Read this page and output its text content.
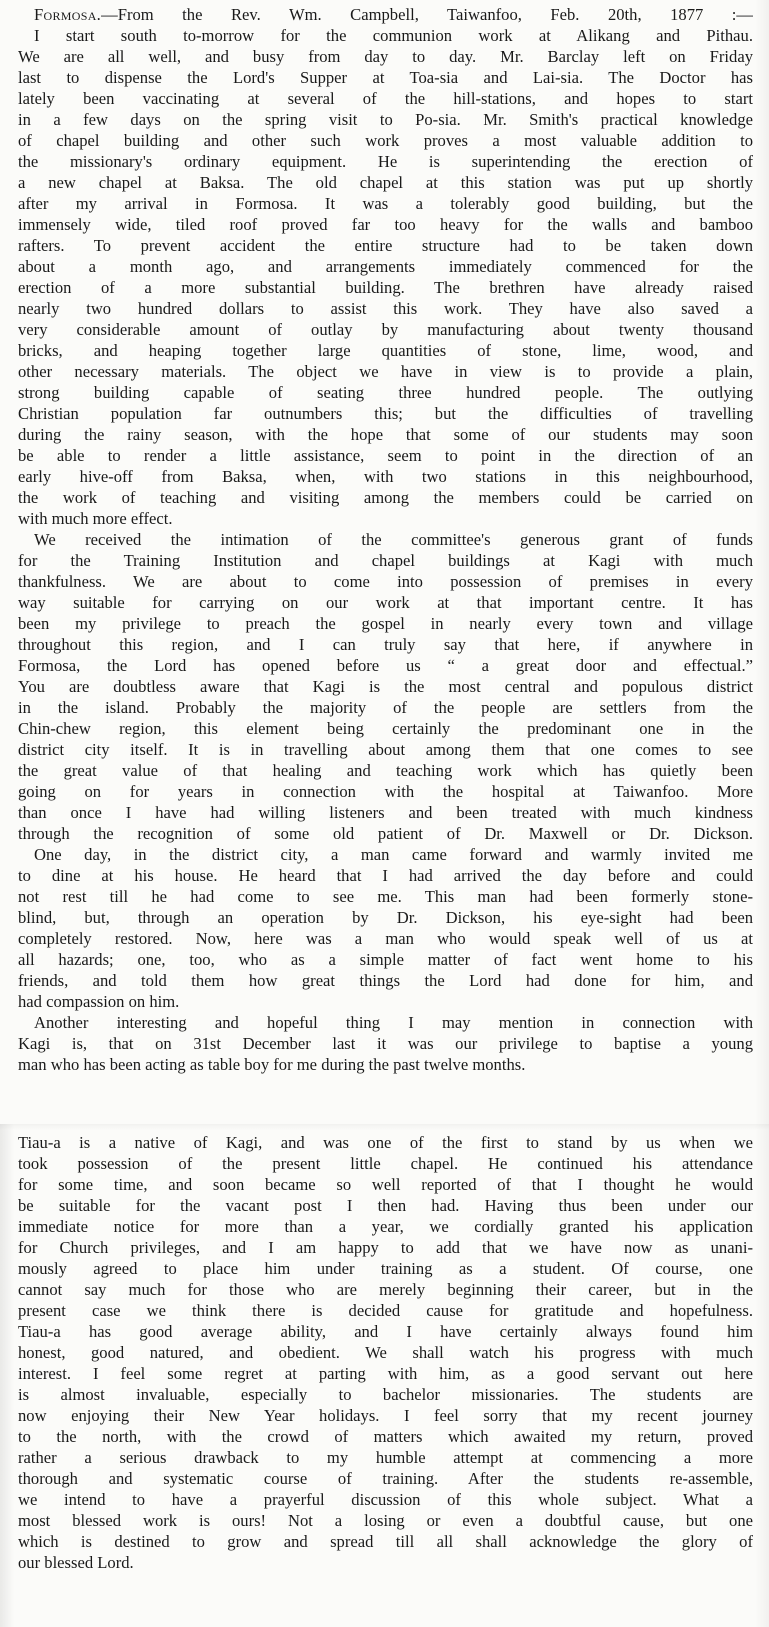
Formosa.—From the Rev. Wm. Campbell, Taiwanfoo, Feb. 20th, 1877 :—
I start south to-morrow for the communion work at Alikang and Pithau.
We are all well, and busy from day to day. Mr. Barclay left on Friday
last to dispense the Lord's Supper at Toa-sia and Lai-sia. The Doctor has
lately been vaccinating at several of the hill-stations, and hopes to start
in a few days on the spring visit to Po-sia. Mr. Smith's practical knowledge
of chapel building and other such work proves a most valuable addition to
the missionary's ordinary equipment. He is superintending the erection of
a new chapel at Baksa. The old chapel at this station was put up shortly
after my arrival in Formosa. It was a tolerably good building, but the
immensely wide, tiled roof proved far too heavy for the walls and bamboo
rafters. To prevent accident the entire structure had to be taken down
about a month ago, and arrangements immediately commenced for the
erection of a more substantial building. The brethren have already raised
nearly two hundred dollars to assist this work. They have also saved a
very considerable amount of outlay by manufacturing about twenty thousand
bricks, and heaping together large quantities of stone, lime, wood, and
other necessary materials. The object we have in view is to provide a plain,
strong building capable of seating three hundred people. The outlying
Christian population far outnumbers this; but the difficulties of travelling
during the rainy season, with the hope that some of our students may soon
be able to render a little assistance, seem to point in the direction of an
early hive-off from Baksa, when, with two stations in this neighbourhood,
the work of teaching and visiting among the members could be carried on
with much more effect.
We received the intimation of the committee's generous grant of funds
for the Training Institution and chapel buildings at Kagi with much
thankfulness. We are about to come into possession of premises in every
way suitable for carrying on our work at that important centre. It has
been my privilege to preach the gospel in nearly every town and village
throughout this region, and I can truly say that here, if anywhere in
Formosa, the Lord has opened before us “ a great door and effectual.”
You are doubtless aware that Kagi is the most central and populous district
in the island. Probably the majority of the people are settlers from the
Chin-chew region, this element being certainly the predominant one in the
district city itself. It is in travelling about among them that one comes to see
the great value of that healing and teaching work which has quietly been
going on for years in connection with the hospital at Taiwanfoo. More
than once I have had willing listeners and been treated with much kindness
through the recognition of some old patient of Dr. Maxwell or Dr. Dickson.
One day, in the district city, a man came forward and warmly invited me
to dine at his house. He heard that I had arrived the day before and could
not rest till he had come to see me. This man had been formerly stone-
blind, but, through an operation by Dr. Dickson, his eye-sight had been
completely restored. Now, here was a man who would speak well of us at
all hazards; one, too, who as a simple matter of fact went home to his
friends, and told them how great things the Lord had done for him, and
had compassion on him.
Another interesting and hopeful thing I may mention in connection with
Kagi is, that on 31st December last it was our privilege to baptise a young
man who has been acting as table boy for me during the past twelve months.
Tiau-a is a native of Kagi, and was one of the first to stand by us when we
took possession of the present little chapel. He continued his attendance
for some time, and soon became so well reported of that I thought he would
be suitable for the vacant post I then had. Having thus been under our
immediate notice for more than a year, we cordially granted his application
for Church privileges, and I am happy to add that we have now as unani-
mously agreed to place him under training as a student. Of course, one
cannot say much for those who are merely beginning their career, but in the
present case we think there is decided cause for gratitude and hopefulness.
Tiau-a has good average ability, and I have certainly always found him
honest, good natured, and obedient. We shall watch his progress with much
interest. I feel some regret at parting with him, as a good servant out here
is almost invaluable, especially to bachelor missionaries. The students are
now enjoying their New Year holidays. I feel sorry that my recent journey
to the north, with the crowd of matters which awaited my return, proved
rather a serious drawback to my humble attempt at commencing a more
thorough and systematic course of training. After the students re-assemble,
we intend to have a prayerful discussion of this whole subject. What a
most blessed work is ours! Not a losing or even a doubtful cause, but one
which is destined to grow and spread till all shall acknowledge the glory of
our blessed Lord.
